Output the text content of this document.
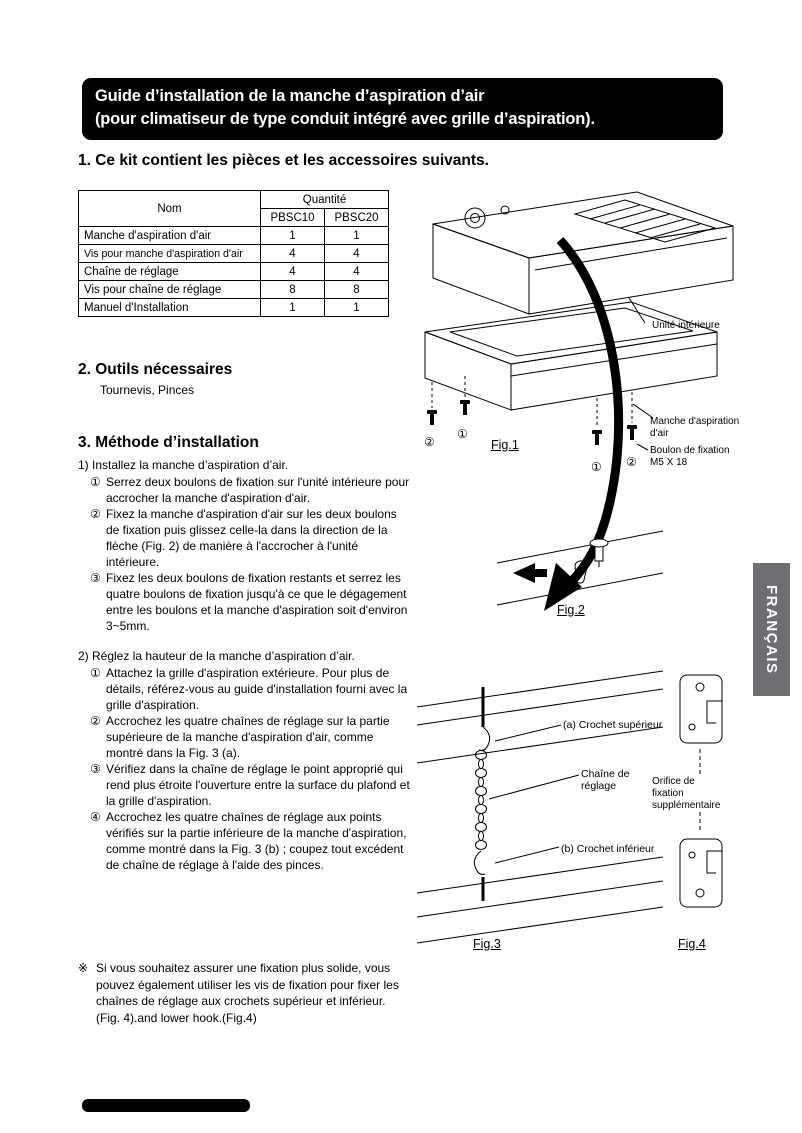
Guide d’installation de la manche d’aspiration d’air
(pour climatiseur de type conduit intégré avec grille d’aspiration).
1. Ce kit contient les pièces et les accessoires suivants.
Nom	Quantité	
	PBSC10	PBSC20
Manche d'aspiration d'air	1	1
Vis pour manche d'aspiration d'air	4	4
Chaîne de réglage	4	4
Vis pour chaîne de réglage	8	8
Manuel d'Installation	1	1
Unité intérieure
Manche d'aspiration d'air
Boulon de fixation M5 X 18
②
①
① ②
Fig.1
2. Outils nécessaires
Tournevis, Pinces
3. Méthode d’installation
1) Installez la manche d’aspiration d’air.
① Serrez deux boulons de fixation sur l'unité intérieure pour accrocher la manche d'aspiration d'air.
② Fixez la manche d'aspiration d'air sur les deux boulons de fixation puis glissez celle-la dans la direction de la flèche (Fig. 2) de manière à l'accrocher à l'unité intérieure.
③ Fixez les deux boulons de fixation restants et serrez les quatre boulons de fixation jusqu'à ce que le dégagement entre les boulons et la manche d'aspiration soit d'environ 3~5mm.
2) Réglez la hauteur de la manche d’aspiration d’air.
① Attachez la grille d'aspiration extérieure. Pour plus de détails, référez-vous au guide d'installation fourni avec la grille d'aspiration.
② Accrochez les quatre chaînes de réglage sur la partie supérieure de la manche d'aspiration d'air, comme montré dans la Fig. 3 (a).
③ Vérifiez dans la chaîne de réglage le point approprié qui rend plus étroite l'ouverture entre la surface du plafond et la grille d'aspiration.
④ Accrochez les quatre chaînes de réglage aux points vérifiés sur la partie inférieure de la manche d'aspiration, comme montré dans la Fig. 3 (b) ; coupez tout excédent de chaîne de réglage à l'aide des pinces.
※ Si vous souhaitez assurer une fixation plus solide, vous pouvez également utiliser les vis de fixation pour fixer les chaînes de réglage aux crochets supérieur et inférieur. (Fig. 4).and lower hook.(Fig.4)
Fig.2	FRANÇAIS
Fig.3
(a) Crochet supérieur
Chaîne de réglage
(b) Crochet inférieur
Fig.4
Orifice de fixation supplémentaire
